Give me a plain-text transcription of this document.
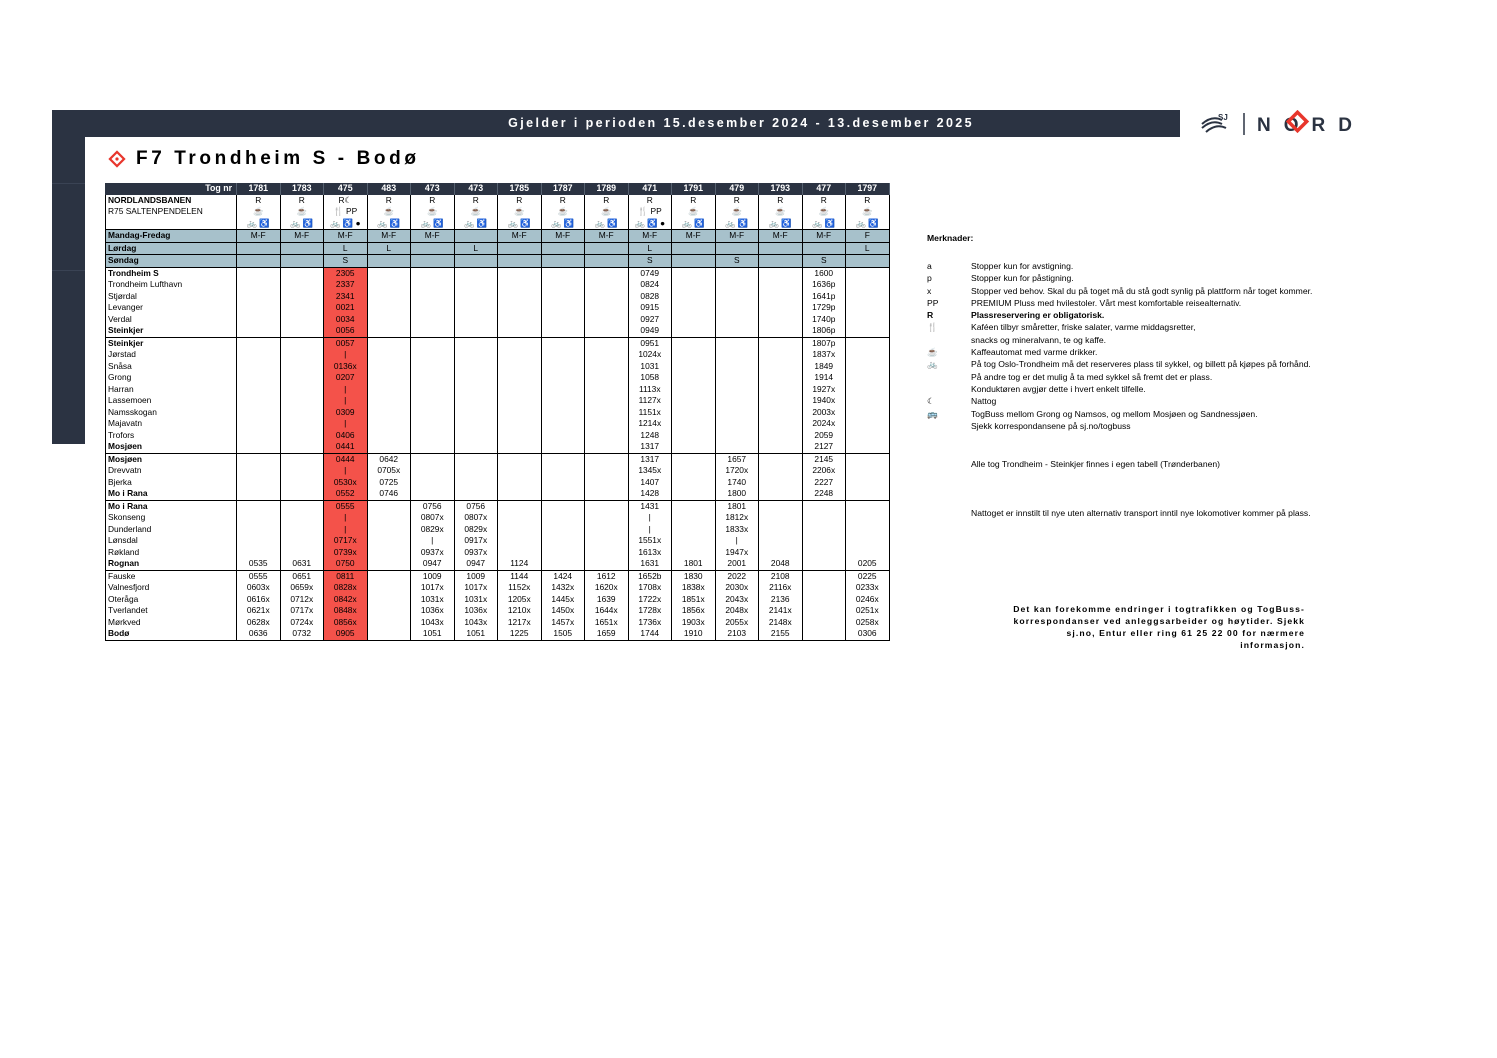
Gjelder i perioden 15.desember 2024 - 13.desember 2025	SJ NORD
F7 Trondheim S - Bodø
Tog nr	1781	1783	475	483	473	473	1785	1787	1789	471	1791	479	1793	477	1797
NORDLANDSBANEN	R	R	R☾	R	R	R	R	R	R	R	R	R	R	R	R
R75 SALTENPENDELEN	☕	☕	🍴 PP	☕	☕	☕	☕	☕	☕	🍴 PP	☕	☕	☕	☕	☕
	🚲 ♿	🚲 ♿	🚲 ♿ ●	🚲 ♿	🚲 ♿	🚲 ♿	🚲 ♿	🚲 ♿	🚲 ♿	🚲 ♿ ●	🚲 ♿	🚲 ♿	🚲 ♿	🚲 ♿	🚲 ♿
Mandag-Fredag	M-F	M-F	M-F	M-F	M-F		M-F	M-F	M-F	M-F	M-F	M-F	M-F	M-F	F
Lørdag			L	L		L				L					L
Søndag			S							S		S		S	
Trondheim S			2305							0749				1600	
Trondheim Lufthavn			2337							0824				1636p	
Stjørdal			2341							0828				1641p	
Levanger			0021							0915				1729p	
Verdal			0034							0927				1740p	
Steinkjer			0056							0949				1806p	
Steinkjer			0057							0951				1807p	
Jørstad			|							1024x				1837x	
Snåsa			0136x							1031				1849	
Grong			0207							1058				1914	
Harran			|							1113x				1927x	
Lassemoen			|							1127x				1940x	
Namsskogan			0309							1151x				2003x	
Majavatn			|							1214x				2024x	
Trofors			0406							1248				2059	
Mosjøen			0441							1317				2127	
Mosjøen			0444	0642						1317		1657		2145	
Drevvatn			|	0705x						1345x		1720x		2206x	
Bjerka			0530x	0725						1407		1740		2227	
Mo i Rana			0552	0746						1428		1800		2248	
Mo i Rana			0555		0756	0756				1431		1801			
Skonseng			|		0807x	0807x				|		1812x			
Dunderland			|		0829x	0829x				|		1833x			
Lønsdal			0717x		|	0917x				1551x		|			
Røkland			0739x		0937x	0937x				1613x		1947x			
Rognan	0535	0631	0750		0947	0947	1124			1631	1801	2001	2048		0205
Fauske	0555	0651	0811		1009	1009	1144	1424	1612	1652b	1830	2022	2108		0225
Valnesfjord	0603x	0659x	0828x		1017x	1017x	1152x	1432x	1620x	1708x	1838x	2030x	2116x		0233x
Oteråga	0616x	0712x	0842x		1031x	1031x	1205x	1445x	1639	1722x	1851x	2043x	2136		0246x
Tverlandet	0621x	0717x	0848x		1036x	1036x	1210x	1450x	1644x	1728x	1856x	2048x	2141x		0251x
Mørkved	0628x	0724x	0856x		1043x	1043x	1217x	1457x	1651x	1736x	1903x	2055x	2148x		0258x
Bodø	0636	0732	0905		1051	1051	1225	1505	1659	1744	1910	2103	2155		0306
Merknader:
a	Stopper kun for avstigning.
p	Stopper kun for påstigning.
x	Stopper ved behov. Skal du på toget må du stå godt synlig på plattform når toget kommer.
PP	PREMIUM Pluss med hvilestoler. Vårt mest komfortable reisealternativ.
R	Plassreservering er obligatorisk.
🍴	Kaféen tilbyr småretter, friske salater, varme middagsretter,
snacks og mineralvann, te og kaffe.
☕	Kaffeautomat med varme drikker.
🚲	På tog Oslo-Trondheim må det reserveres plass til sykkel, og billett på kjøpes på forhånd.
På andre tog er det mulig å ta med sykkel så fremt det er plass.
Konduktøren avgjør dette i hvert enkelt tilfelle.
☾	Nattog
🚌	TogBuss mellom Grong og Namsos, og mellom Mosjøen og Sandnessjøen.
Sjekk korrespondansene på sj.no/togbuss
Alle tog Trondheim - Steinkjer finnes i egen tabell (Trønderbanen)
Nattoget er innstilt til nye uten alternativ transport inntil nye lokomotiver kommer på plass.
Det kan forekomme endringer i togtrafikken og TogBuss-
korrespondanser ved anleggsarbeider og høytider. Sjekk
sj.no, Entur eller ring 61 25 22 00 for nærmere
informasjon.
